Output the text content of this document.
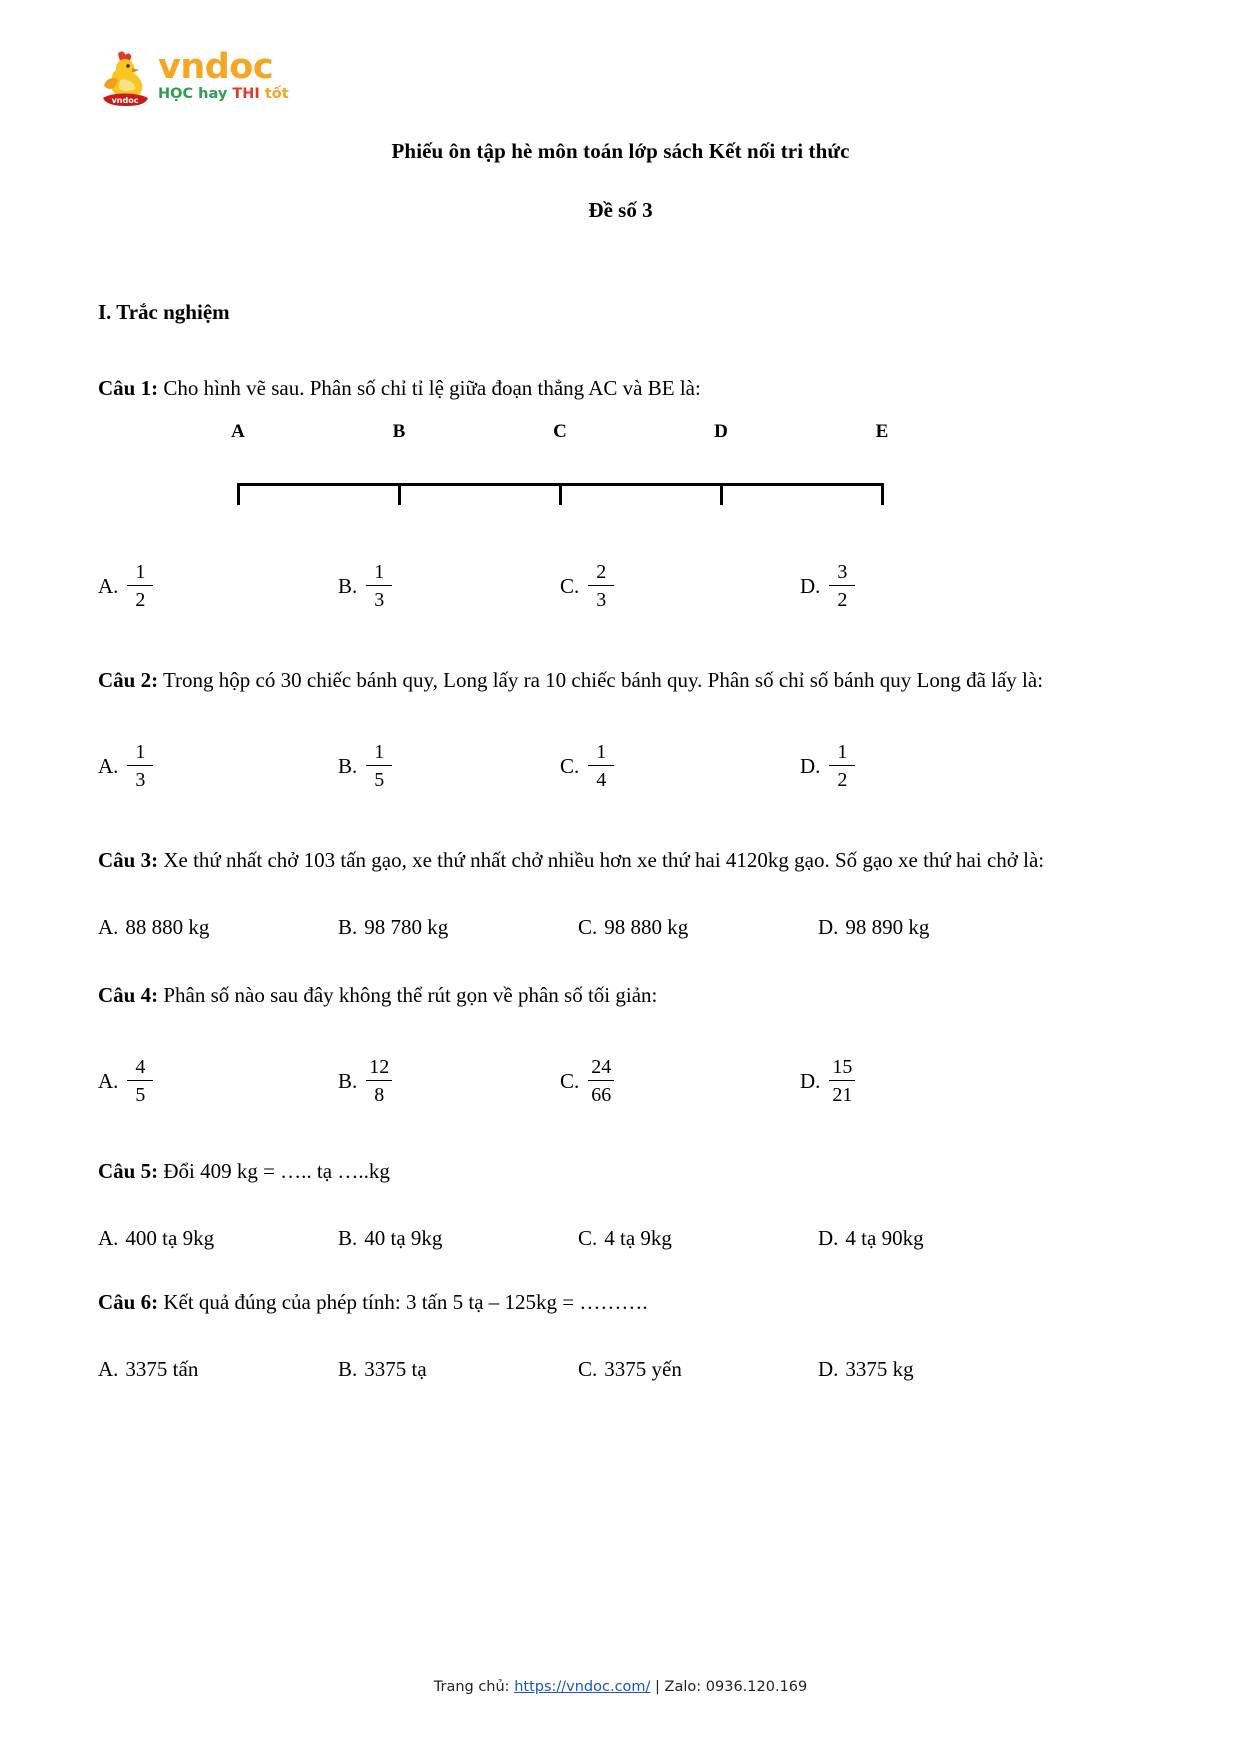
vndoc
vndoc
HỌC hay THI tốt
Phiếu ôn tập hè môn toán lớp sách Kết nối tri thức
Đề số 3
I. Trắc nghiệm

Câu 1: Cho hình vẽ sau. Phân số chỉ tỉ lệ giữa đoạn thẳng AC và BE là:

A	B	C	D	E
A. $\frac{1}{2}$	B. $\frac{1}{3}$	C. $\frac{2}{3}$	D. $\frac{3}{2}$

Câu 2: Trong hộp có 30 chiếc bánh quy, Long lấy ra 10 chiếc bánh quy. Phân số chỉ số bánh quy Long đã lấy là:

A. $\frac{1}{3}$	B. $\frac{1}{5}$	C. $\frac{1}{4}$	D. $\frac{1}{2}$

Câu 3: Xe thứ nhất chở 103 tấn gạo, xe thứ nhất chở nhiều hơn xe thứ hai 4120kg gạo. Số gạo xe thứ hai chở là:

A. 88 880 kg	B. 98 780 kg	C. 98 880 kg	D. 98 890 kg

Câu 4: Phân số nào sau đây không thể rút gọn về phân số tối giản:

A. $\frac{4}{5}$	B. $\frac{12}{8}$	C. $\frac{24}{66}$	D. $\frac{15}{21}$

Câu 5: Đổi 409 kg = ….. tạ …..kg

A. 400 tạ 9kg	B. 40 tạ 9kg	C. 4 tạ 9kg	D. 4 tạ 90kg

Câu 6: Kết quả đúng của phép tính: 3 tấn 5 tạ – 125kg = ……….

A. 3375 tấn	B. 3375 tạ	C. 3375 yến	D. 3375 kg
Trang chủ: https://vndoc.com/ | Zalo: 0936.120.169
